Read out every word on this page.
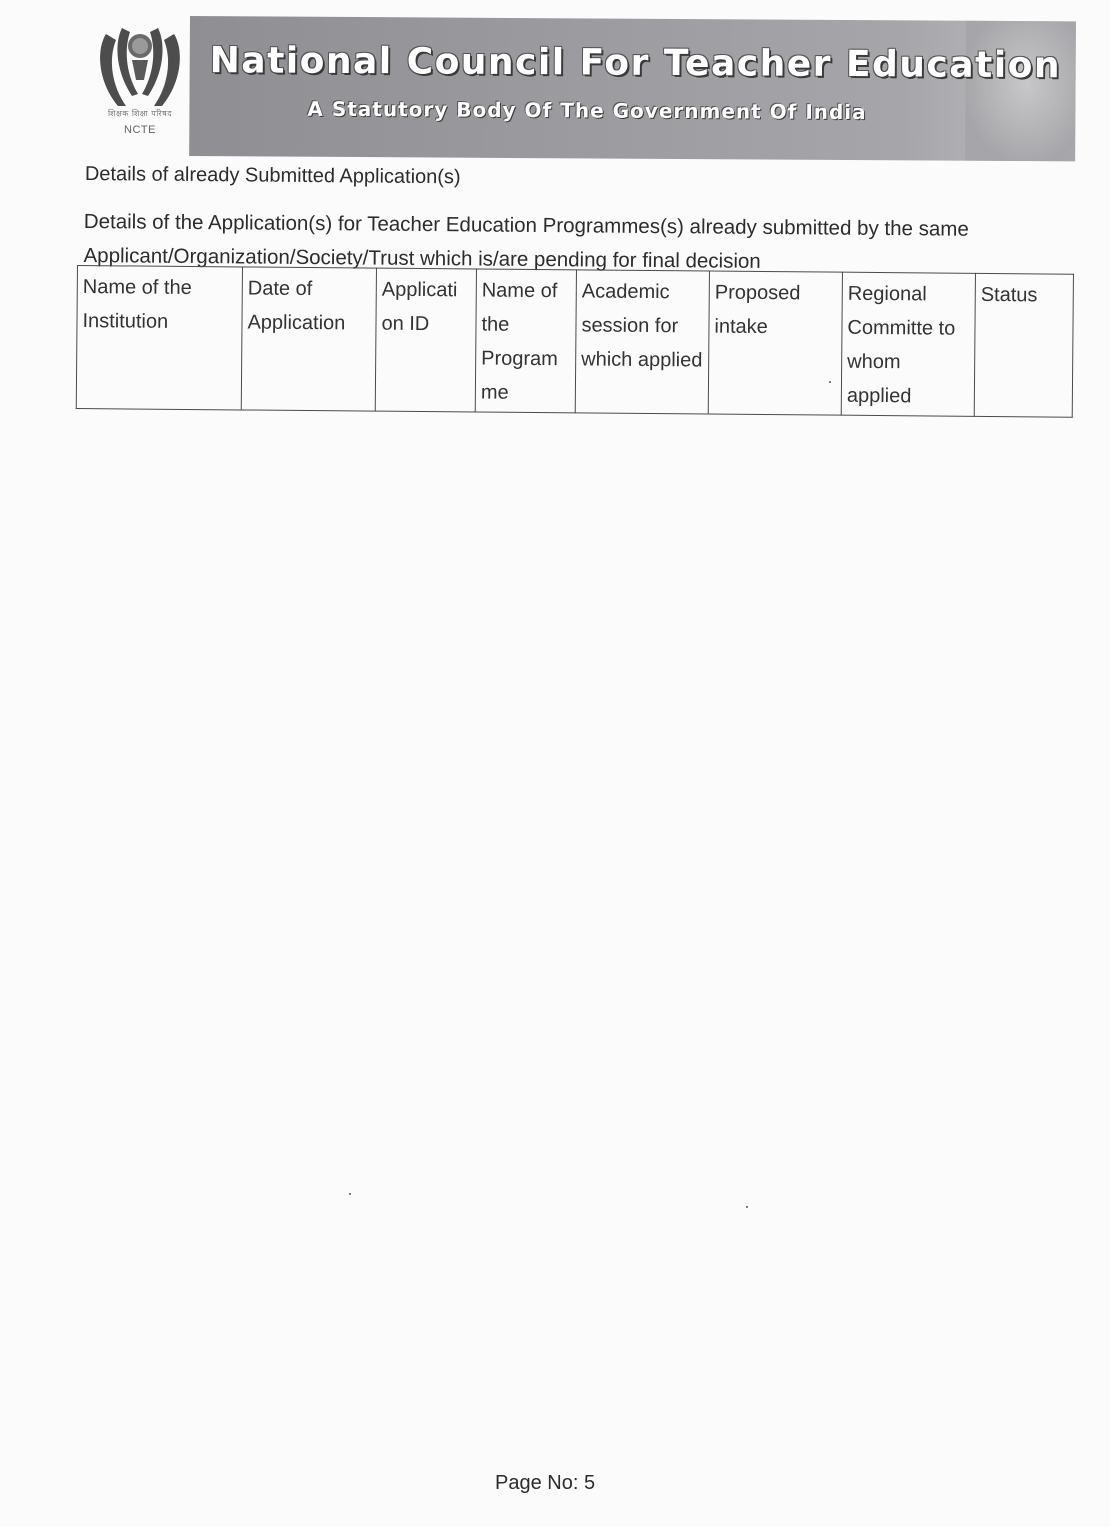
शिक्षक शिक्षा परिषद
NCTE
National Council For Teacher Education
A Statutory Body Of The Government Of India
Details of already Submitted Application(s)
Details of the Application(s) for Teacher Education Programmes(s) already submitted by the same Applicant/Organization/Society/Trust which is/are pending for final decision
Name of the Institution	Date of Application	Applicati on ID	Name of the Program me	Academic session for which applied	Proposed intake	Regional Committe to whom applied	Status
Page No: 5
